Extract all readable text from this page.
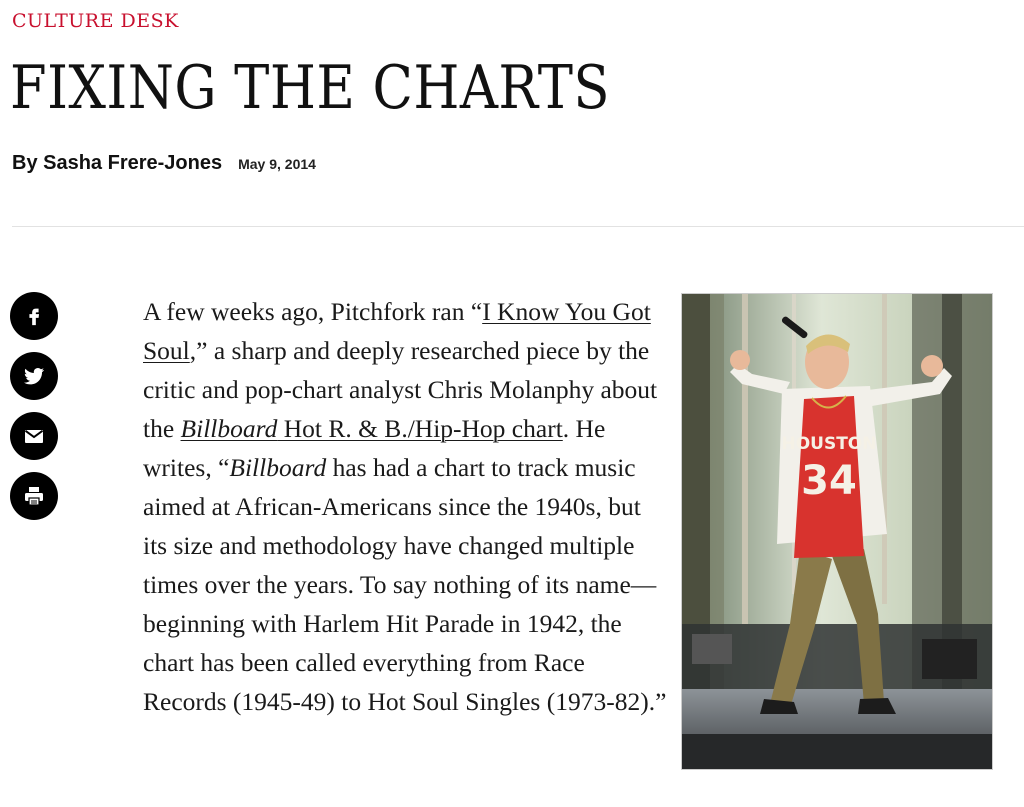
CULTURE DESK
FIXING THE CHARTS
By Sasha Frere-Jones May 9, 2014

A few weeks ago, Pitchfork ran “I Know You Got Soul,” a sharp and deeply researched piece by the critic and pop-chart analyst Chris Molanphy about the Billboard Hot R. & B./Hip-Hop chart. He writes, “Billboard has had a chart to track music aimed at African-Americans since the 1940s, but its size and methodology have changed multiple times over the years. To say nothing of its name—beginning with Harlem Hit Parade in 1942, the chart has been called everything from Race Records (1945-49) to Hot Soul Singles (1973-82).”

HOUSTON
34
